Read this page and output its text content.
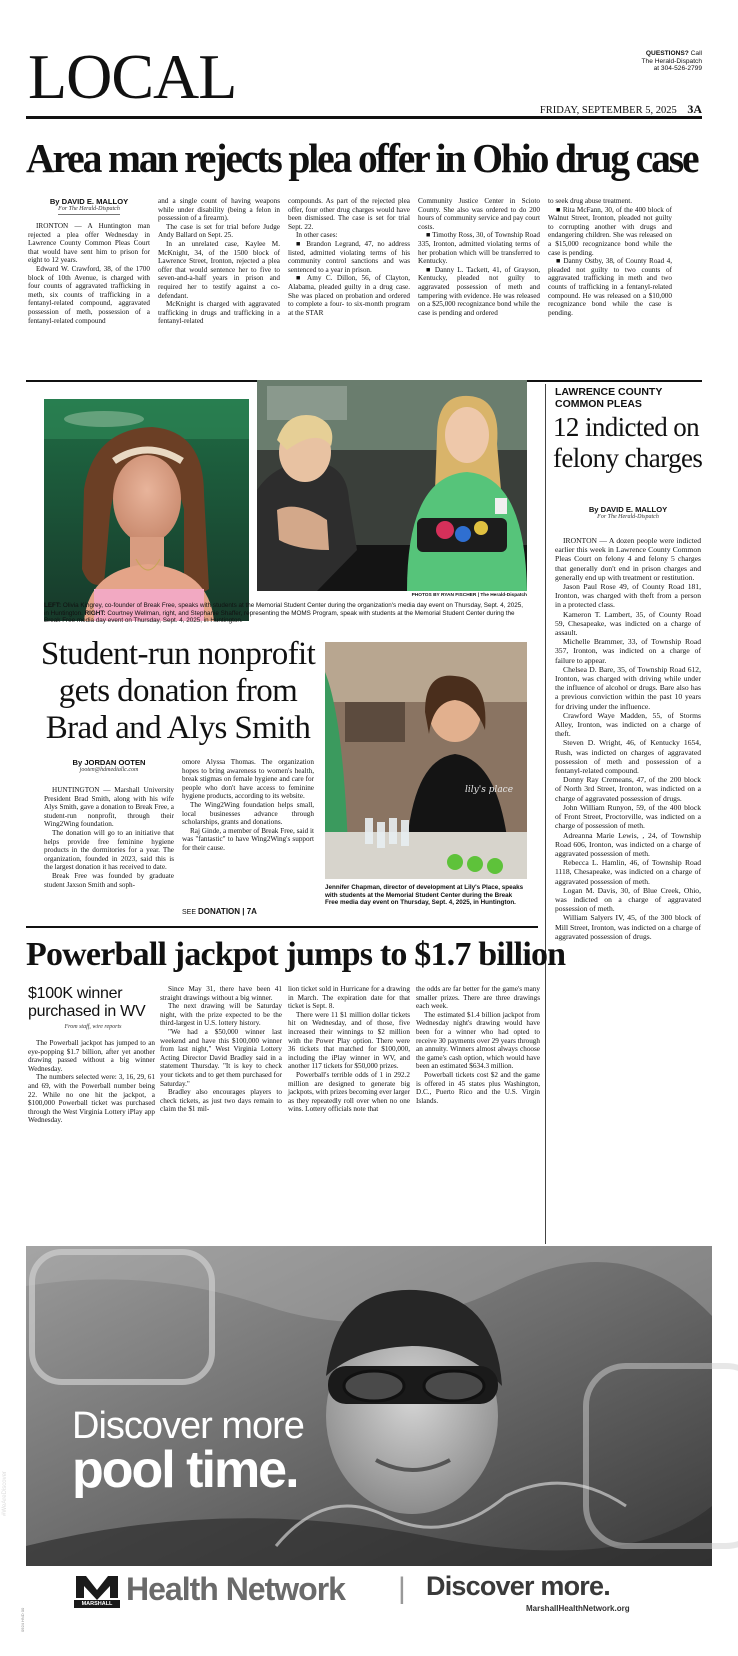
LOCAL	QUESTIONS? Call
The Herald-Dispatch
at 304-526-2799
FRIDAY, SEPTEMBER 5, 2025 3A
Area man rejects plea offer in Ohio drug case
By DAVID E. MALLOY
For The Herald-Dispatch

IRONTON — A Huntington man rejected a plea offer Wednesday in Lawrence County Common Pleas Court that would have sent him to prison for eight to 12 years.

Edward W. Crawford, 38, of the 1700 block of 10th Avenue, is charged with four counts of aggravated trafficking in meth, six counts of trafficking in a fentanyl-related compound, aggravated possession of meth, possession of a fentanyl-related compound

and a single count of having weapons while under disability (being a felon in possession of a firearm).

The case is set for trial before Judge Andy Ballard on Sept. 25.

In an unrelated case, Kaylee M. McKnight, 34, of the 1500 block of Lawrence Street, Ironton, rejected a plea offer that would sentence her to five to seven-and-a-half years in prison and required her to testify against a co-defendant.

McKnight is charged with aggravated trafficking in drugs and trafficking in a fentanyl-related

compounds. As part of the rejected plea offer, four other drug charges would have been dismissed. The case is set for trial Sept. 22.

In other cases:

■ Brandon Legrand, 47, no address listed, admitted violating terms of his community control sanctions and was sentenced to a year in prison.

■ Amy C. Dillon, 56, of Clayton, Alabama, pleaded guilty in a drug case. She was placed on probation and ordered to complete a four- to six-month program at the STAR

Community Justice Center in Scioto County. She also was ordered to do 200 hours of community service and pay court costs.

■ Timothy Ross, 30, of Township Road 335, Ironton, admitted violating terms of her probation which will be transferred to Kentucky.

■ Danny L. Tackett, 41, of Grayson, Kentucky, pleaded not guilty to aggravated possession of meth and tampering with evidence. He was released on a $25,000 recognizance bond while the case is pending and ordered

to seek drug abuse treatment.

■ Rita McFann, 30, of the 400 block of Walnut Street, Ironton, pleaded not guilty to corrupting another with drugs and endangering children. She was released on a $15,000 recognizance bond while the case is pending.

■ Danny Ostby, 38, of County Road 4, pleaded not guilty to two counts of aggravated trafficking in meth and two counts of trafficking in a fentanyl-related compound. He was released on a $10,000 recognizance bond while the case is pending.

LAWRENCE COUNTY COMMON PLEAS
12 indicted on felony charges
By DAVID E. MALLOY
For The Herald-Dispatch

IRONTON — A dozen people were indicted earlier this week in Lawrence County Common Pleas Court on felony 4 and felony 5 charges that generally don't end in prison charges and generally end up with treatment or restitution.

Jason Paul Rose 49, of County Road 181, Ironton, was charged with theft from a person in a protected class.

Kameron T. Lambert, 35, of County Road 59, Chesapeake, was indicted on a charge of assault.

Michelle Brammer, 33, of Township Road 357, Ironton, was indicted on a charge of failure to appear.

Chelsea D. Bare, 35, of Township Road 612, Ironton, was charged with driving while under the influence of alcohol or drugs. Bare also has a previous conviction within the past 10 years for driving under the influence.

Crawford Waye Madden, 55, of Storms Alley, Ironton, was indicted on a charge of theft.

Steven D. Wright, 46, of Kentucky 1654, Rush, was indicted on charges of aggravated possession of meth and possession of a fentanyl-related compound.

Donny Ray Cremeans, 47, of the 200 block of North 3rd Street, Ironton, was indicted on a charge of aggravated possession of drugs.

John William Runyon, 59, of the 400 block of Front Street, Proctorville, was indicted on a charge of possession of meth.

Adreanna Marie Lewis, , 24, of Township Road 606, Ironton, was indicted on a charge of aggravated possession of meth.

Rebecca L. Hamlin, 46, of Township Road 1118, Chesapeake, was indicted on a charge of aggravated possession of meth.

Logan M. Davis, 30, of Blue Creek, Ohio, was indicted on a charge of aggravated possession of meth.

William Salyers IV, 45, of the 300 block of Mill Street, Ironton, was indicted on a charge of aggravated possession of drugs.

PHOTOS BY RYAN FISCHER | The Herald-Dispatch
LEFT: Olivia Kingrey, co-founder of Break Free, speaks with students at the Memorial Student Center during the organization's media day event on Thursday, Sept. 4, 2025, in Huntington. RIGHT: Courtney Wellman, right, and Stephanie Shaffer, representing the MOMS Program, speak with students at the Memorial Student Center during the Break Free media day event on Thursday, Sept. 4, 2025, in Huntington.
lily's place
Jennifer Chapman, director of development at Lily's Place, speaks with students at the Memorial Student Center during the Break Free media day event on Thursday, Sept. 4, 2025, in Huntington.
Student-run nonprofit gets donation from Brad and Alys Smith
By JORDAN OOTEN
jooten@hdmediallc.com

HUNTINGTON — Marshall University President Brad Smith, along with his wife Alys Smith, gave a donation to Break Free, a student-run nonprofit, through their Wing2Wing foundation.

The donation will go to an initiative that helps provide free feminine hygiene products in the dormitories for a year. The organization, founded in 2023, said this is the largest donation it has received to date.

Break Free was founded by graduate student Jaxson Smith and soph-

omore Alyssa Thomas. The organization hopes to bring awareness to women's health, break stigmas on female hygiene and care for people who don't have access to feminine hygiene products, according to its website.

The Wing2Wing foundation helps small, local businesses advance through scholarships, grants and donations.

Raj Ginde, a member of Break Free, said it was "fantastic" to have Wing2Wing's support for their cause.

SEE DONATION | 7A
Powerball jackpot jumps to $1.7 billion
$100K winner purchased in WV
From staff, wire reports

The Powerball jackpot has jumped to an eye-popping $1.7 billion, after yet another drawing passed without a big winner Wednesday.

The numbers selected were: 3, 16, 29, 61 and 69, with the Powerball number being 22. While no one hit the jackpot, a $100,000 Powerball ticket was purchased through the West Virginia Lottery iPlay app Wednesday.

Since May 31, there have been 41 straight drawings without a big winner.

The next drawing will be Saturday night, with the prize expected to be the third-largest in U.S. lottery history.

"We had a $50,000 winner last weekend and have this $100,000 winner from last night," West Virginia Lottery Acting Director David Bradley said in a statement Thursday. "It is key to check your tickets and to get them purchased for Saturday."

Bradley also encourages players to check tickets, as just two days remain to claim the $1 mil-

lion ticket sold in Hurricane for a drawing in March. The expiration date for that ticket is Sept. 8.

There were 11 $1 million dollar tickets hit on Wednesday, and of those, five increased their winnings to $2 million with the Power Play option. There were 36 tickets that matched for $100,000, including the iPlay winner in WV, and another 117 tickets for $50,000 prizes.

Powerball's terrible odds of 1 in 292.2 million are designed to generate big jackpots, with prizes becoming ever larger as they repeatedly roll over when no one wins. Lottery officials note that

the odds are far better for the game's many smaller prizes. There are three drawings each week.

The estimated $1.4 billion jackpot from Wednesday night's drawing would have been for a winner who had opted to receive 30 payments over 29 years through an annuity. Winners almost always choose the game's cash option, which would have been an estimated $634.3 million.

Powerball tickets cost $2 and the game is offered in 45 states plus Washington, D.C., Puerto Rico and the U.S. Virgin Islands.

Discover more
pool time.
#WeAreDiscover
MARSHALL Health Network | Discover more.
MarshallHealthNetwork.org
0924 HND 00
